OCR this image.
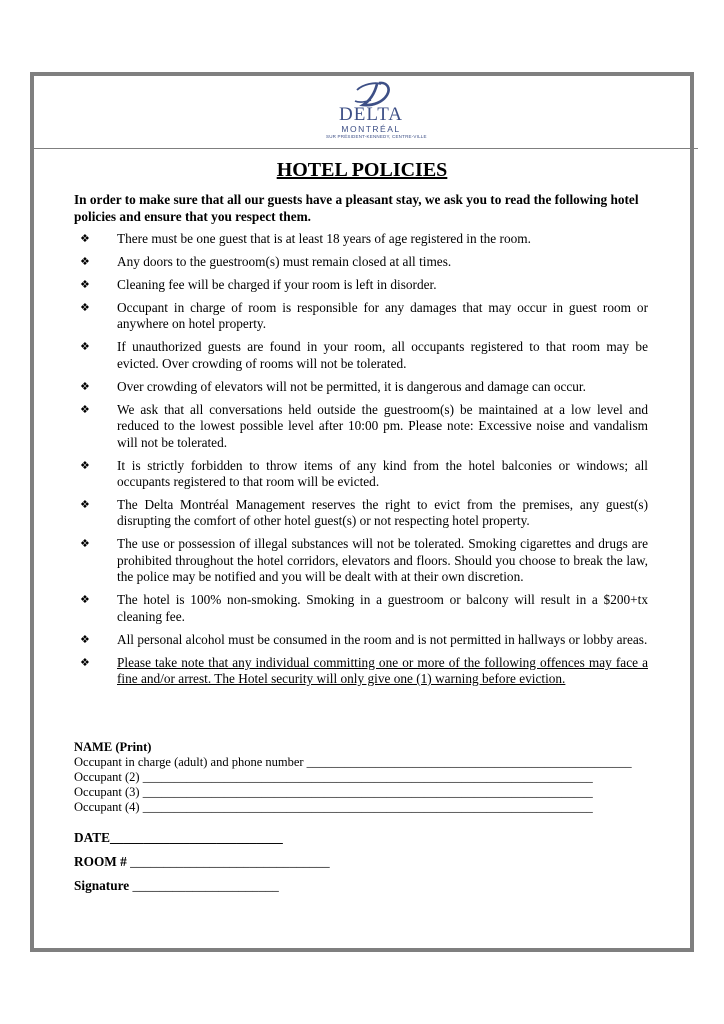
DELTA
MONTRÉAL
SUR PRÉSIDENT-KENNEDY, CENTRE-VILLE
HOTEL POLICIES
In order to make sure that all our guests have a pleasant stay, we ask you to read the following hotel policies and ensure that you respect them.
❖ There must be one guest that is at least 18 years of age registered in the room.
❖ Any doors to the guestroom(s) must remain closed at all times.
❖ Cleaning fee will be charged if your room is left in disorder.
❖ Occupant in charge of room is responsible for any damages that may occur in guest room or anywhere on hotel property.
❖ If unauthorized guests are found in your room, all occupants registered to that room may be evicted. Over crowding of rooms will not be tolerated.
❖ Over crowding of elevators will not be permitted, it is dangerous and damage can occur.
❖ We ask that all conversations held outside the guestroom(s) be maintained at a low level and reduced to the lowest possible level after 10:00 pm. Please note: Excessive noise and vandalism will not be tolerated.
❖ It is strictly forbidden to throw items of any kind from the hotel balconies or windows; all occupants registered to that room will be evicted.
❖ The Delta Montréal Management reserves the right to evict from the premises, any guest(s) disrupting the comfort of other hotel guest(s) or not respecting hotel property.
❖ The use or possession of illegal substances will not be tolerated. Smoking cigarettes and drugs are prohibited throughout the hotel corridors, elevators and floors. Should you choose to break the law, the police may be notified and you will be dealt with at their own discretion.
❖ The hotel is 100% non-smoking. Smoking in a guestroom or balcony will result in a $200+tx cleaning fee.
❖ All personal alcohol must be consumed in the room and is not permitted in hallways or lobby areas.
❖ Please take note that any individual committing one or more of the following offences may face a fine and/or arrest. The Hotel security will only give one (1) warning before eviction.
NAME (Print)
Occupant in charge (adult) and phone number ____________________________________________________
Occupant (2) ________________________________________________________________________
Occupant (3) ________________________________________________________________________
Occupant (4) ________________________________________________________________________
DATE__________________________
ROOM # ______________________________
Signature ______________________
